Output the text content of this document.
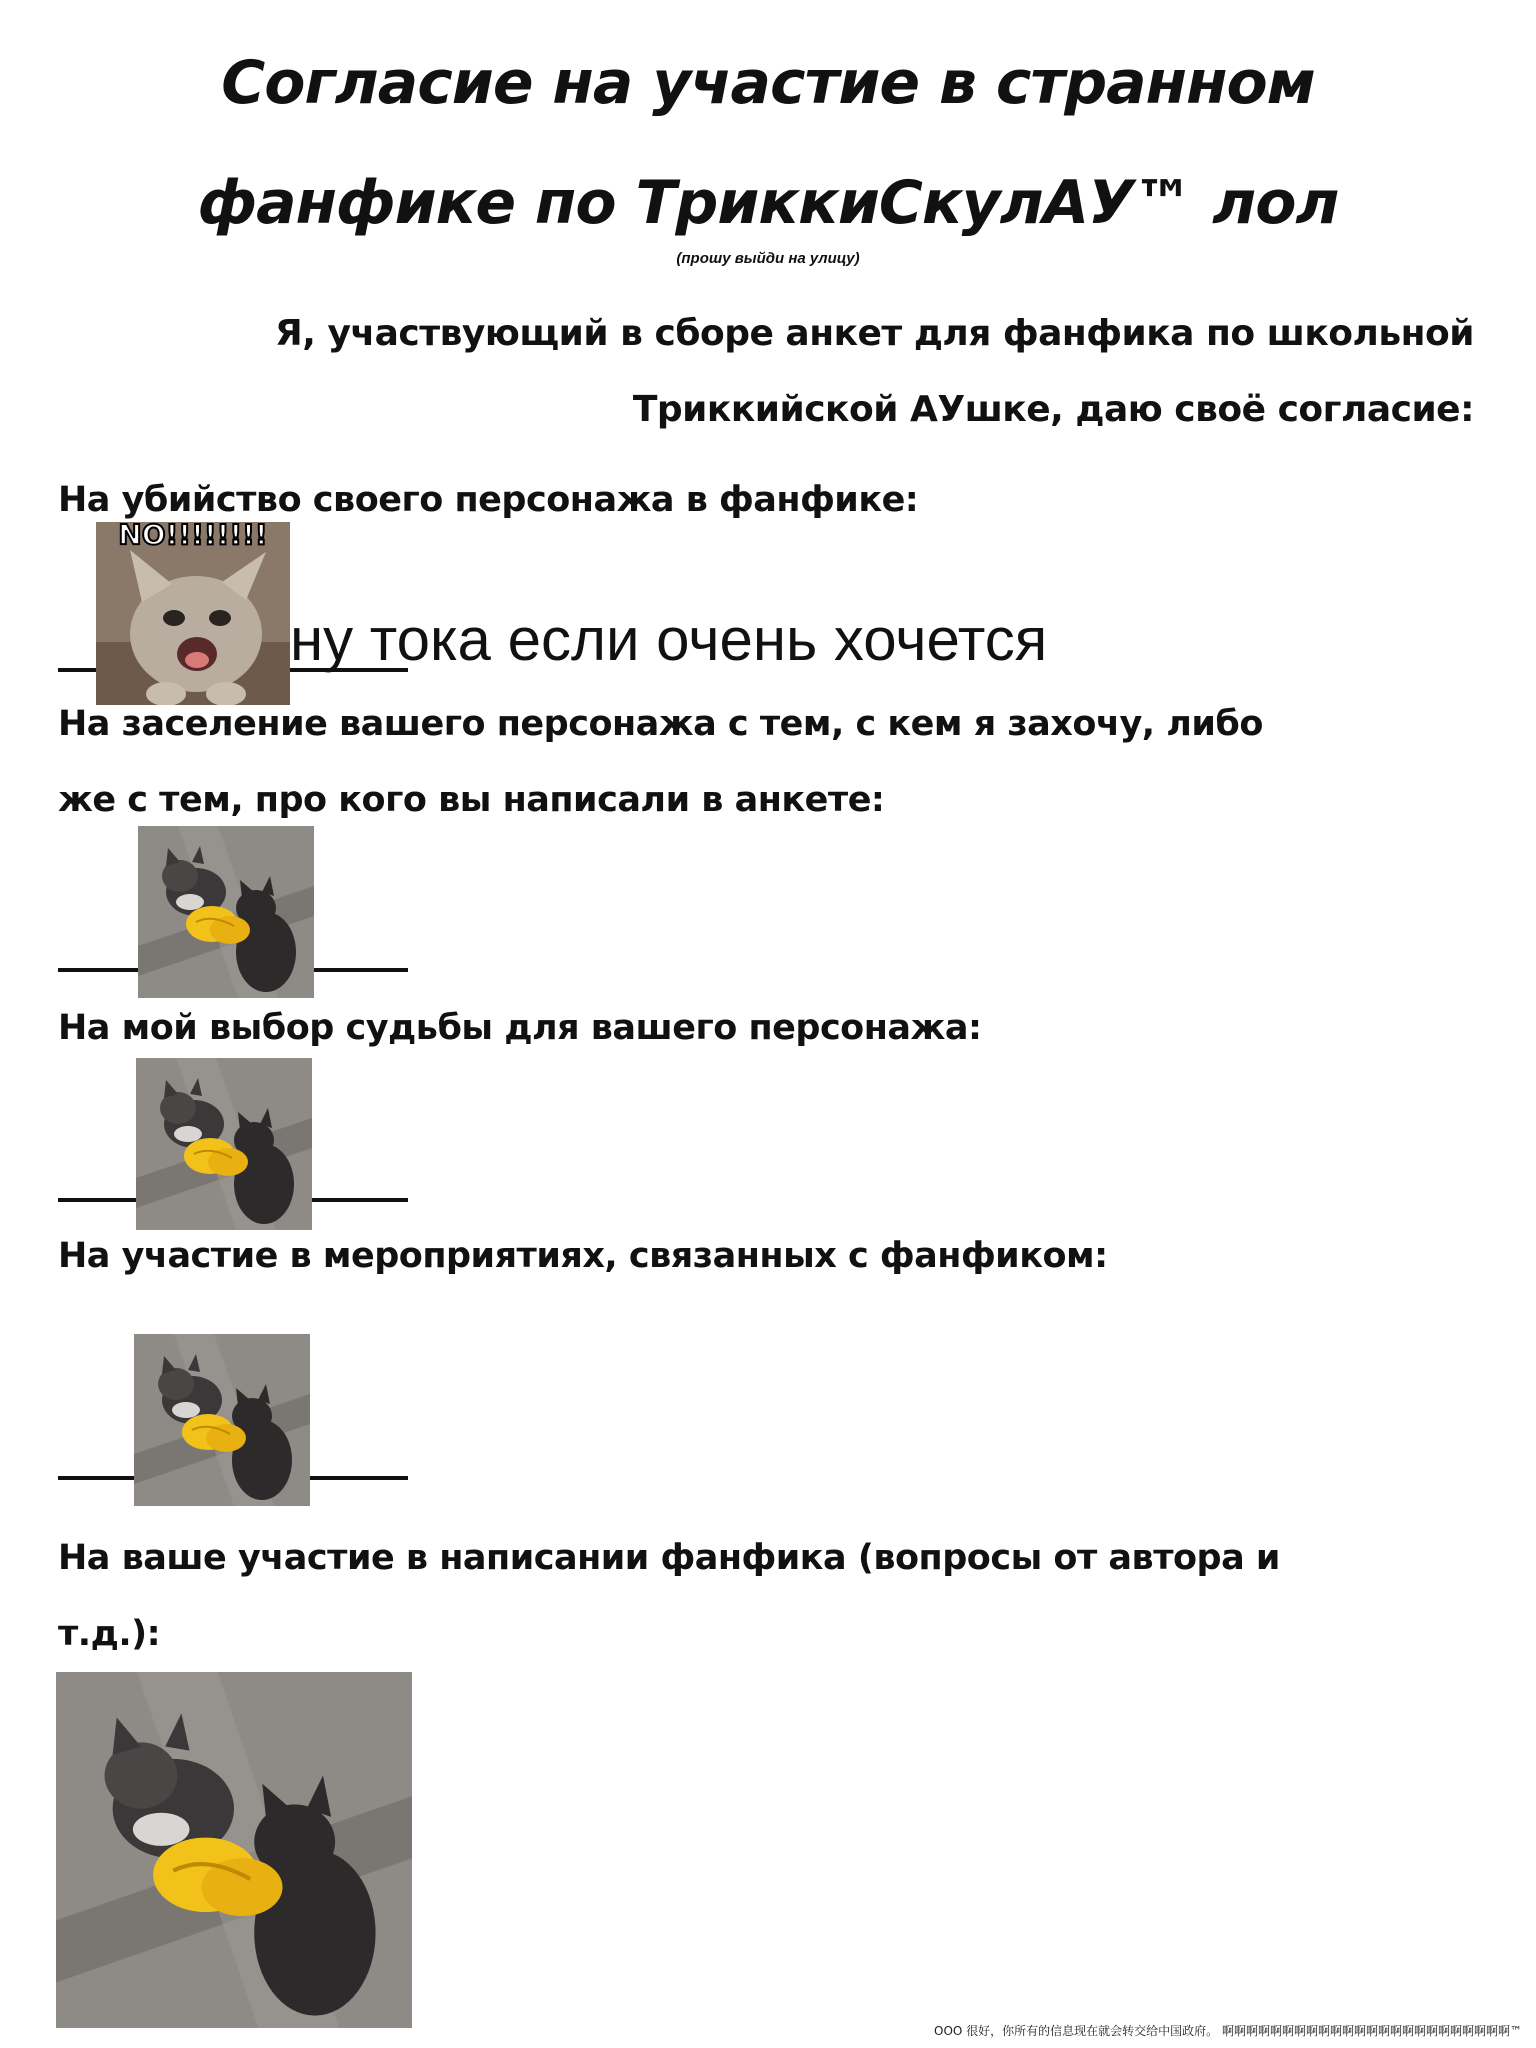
Согласие на участие в странном
фанфике по ТриккиСкулАУ™ лол
(прошу выйди на улицу)
Я, участвующий в сборе анкет для фанфика по школьной
Триккийской АУшке, даю своё согласие:
На убийство своего персонажа в фанфике:
ну тока если очень хочется
NO!!!!!!!!
На заселение вашего персонажа с тем, с кем я захочу, либо
же с тем, про кого вы написали в анкете:
На мой выбор судьбы для вашего персонажа:
На участие в мероприятиях, связанных с фанфиком:
На ваше участие в написании фанфика (вопросы от автора и
т.д.):
ООО 很好，你所有的信息现在就会转交给中国政府。 啊啊啊啊啊啊啊啊啊啊啊啊啊啊啊啊啊啊啊啊啊啊啊啊™
